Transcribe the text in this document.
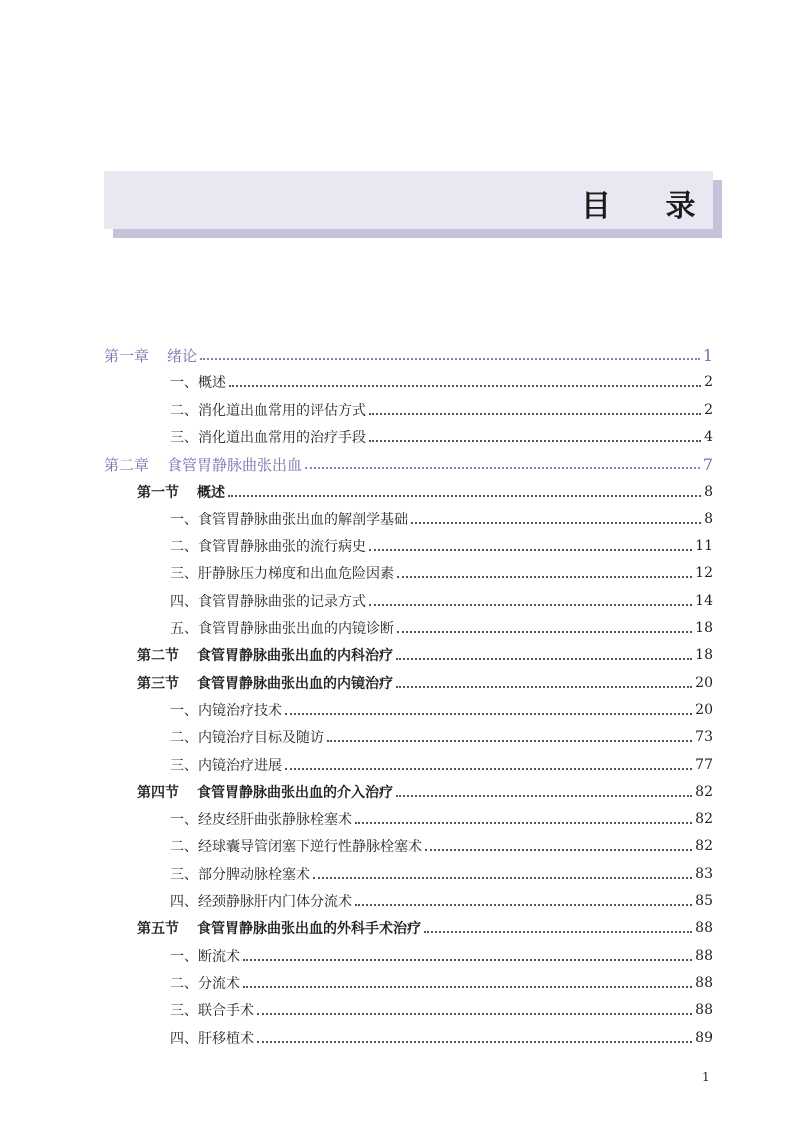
目 录
第一章 绪论	1
一、概述	2
二、消化道出血常用的评估方式	2
三、消化道出血常用的治疗手段	4
第二章 食管胃静脉曲张出血	7
第一节 概述	8
一、食管胃静脉曲张出血的解剖学基础	8
二、食管胃静脉曲张的流行病史	11
三、肝静脉压力梯度和出血危险因素	12
四、食管胃静脉曲张的记录方式	14
五、食管胃静脉曲张出血的内镜诊断	18
第二节 食管胃静脉曲张出血的内科治疗	18
第三节 食管胃静脉曲张出血的内镜治疗	20
一、内镜治疗技术	20
二、内镜治疗目标及随访	73
三、内镜治疗进展	77
第四节 食管胃静脉曲张出血的介入治疗	82
一、经皮经肝曲张静脉栓塞术	82
二、经球囊导管闭塞下逆行性静脉栓塞术	82
三、部分脾动脉栓塞术	83
四、经颈静脉肝内门体分流术	85
第五节 食管胃静脉曲张出血的外科手术治疗	88
一、断流术	88
二、分流术	88
三、联合手术	88
四、肝移植术	89
1
